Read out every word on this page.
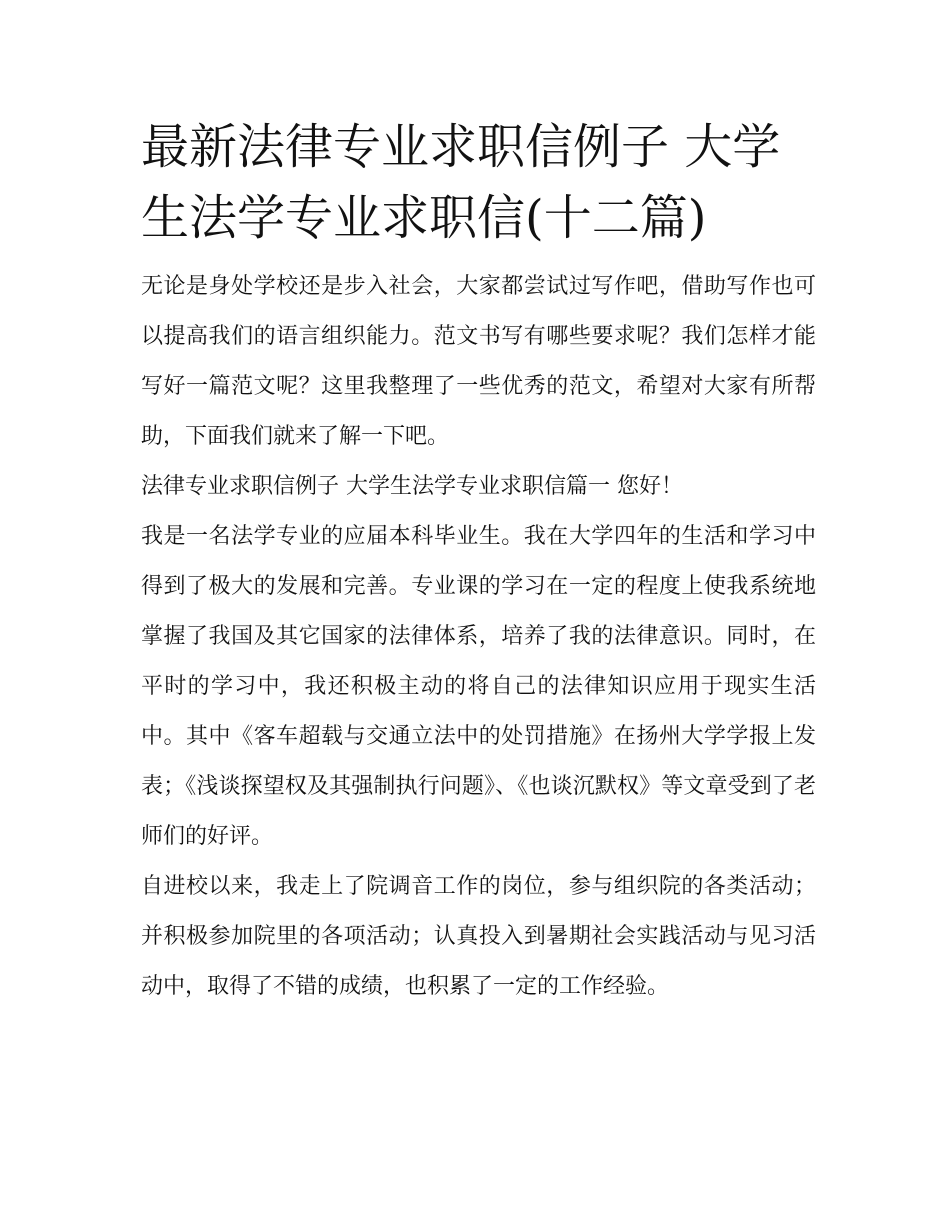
最新法律专业求职信例子 大学生法学专业求职信(十二篇)

无论是身处学校还是步入社会，大家都尝试过写作吧，借助写作也可以提高我们的语言组织能力。范文书写有哪些要求呢？我们怎样才能写好一篇范文呢？这里我整理了一些优秀的范文，希望对大家有所帮助，下面我们就来了解一下吧。

法律专业求职信例子 大学生法学专业求职信篇一 您好！

我是一名法学专业的应届本科毕业生。我在大学四年的生活和学习中得到了极大的发展和完善。专业课的学习在一定的程度上使我系统地掌握了我国及其它国家的法律体系，培养了我的法律意识。同时，在平时的学习中，我还积极主动的将自己的法律知识应用于现实生活中。其中《客车超载与交通立法中的处罚措施》在扬州大学学报上发表；《浅谈探望权及其强制执行问题》、《也谈沉默权》等文章受到了老师们的好评。

自进校以来，我走上了院调音工作的岗位，参与组织院的各类活动；并积极参加院里的各项活动；认真投入到暑期社会实践活动与见习活动中，取得了不错的成绩，也积累了一定的工作经验。
